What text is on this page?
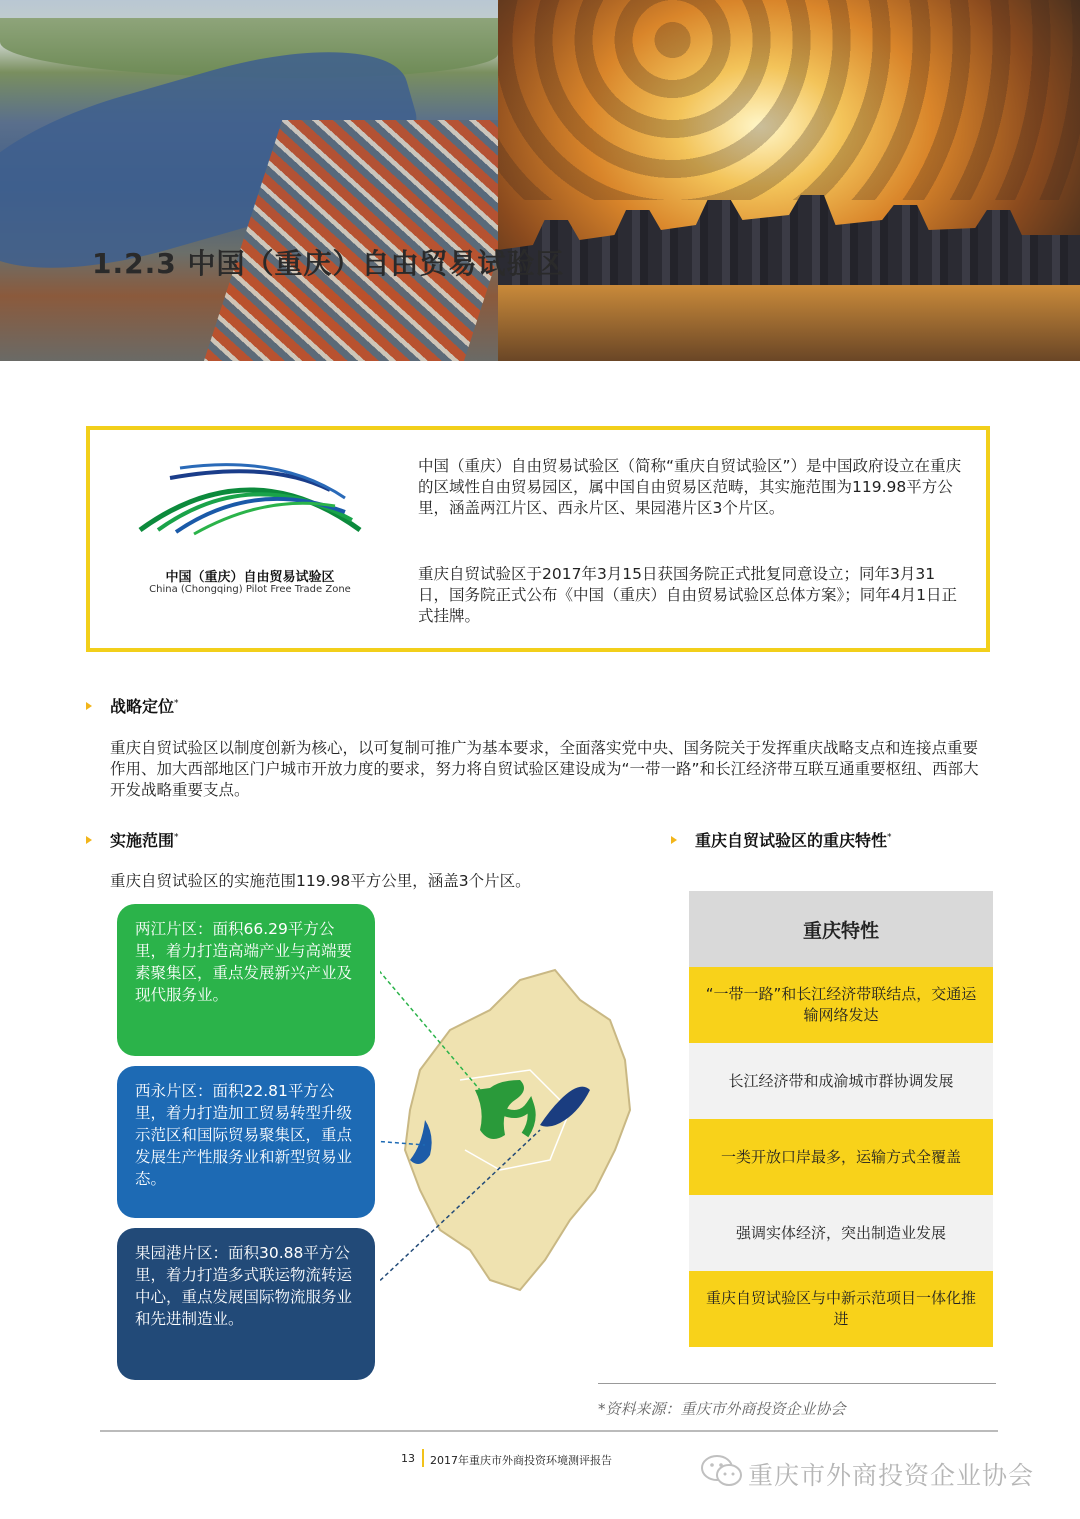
1.2.3 中国（重庆）自由贸易试验区
中国（重庆）自由贸易试验区
China (Chongqing) Pilot Free Trade Zone
中国（重庆）自由贸易试验区（简称“重庆自贸试验区”）是中国政府设立在重庆的区域性自由贸易园区，属中国自由贸易区范畴，其实施范围为119.98平方公里，涵盖两江片区、西永片区、果园港片区3个片区。
重庆自贸试验区于2017年3月15日获国务院正式批复同意设立；同年3月31日，国务院正式公布《中国（重庆）自由贸易试验区总体方案》；同年4月1日正式挂牌。
战略定位*
重庆自贸试验区以制度创新为核心，以可复制可推广为基本要求，全面落实党中央、国务院关于发挥重庆战略支点和连接点重要作用、加大西部地区门户城市开放力度的要求，努力将自贸试验区建设成为“一带一路”和长江经济带互联互通重要枢纽、西部大开发战略重要支点。
实施范围*
重庆自贸试验区的实施范围119.98平方公里，涵盖3个片区。
两江片区：面积66.29平方公里，着力打造高端产业与高端要素聚集区，重点发展新兴产业及现代服务业。
西永片区：面积22.81平方公里，着力打造加工贸易转型升级示范区和国际贸易聚集区，重点发展生产性服务业和新型贸易业态。
果园港片区：面积30.88平方公里，着力打造多式联运物流转运中心，重点发展国际物流服务业和先进制造业。
重庆自贸试验区的重庆特性*
重庆特性
“一带一路”和长江经济带联结点，交通运输网络发达
长江经济带和成渝城市群协调发展
一类开放口岸最多，运输方式全覆盖
强调实体经济，突出制造业发展
重庆自贸试验区与中新示范项目一体化推进
*资料来源：重庆市外商投资企业协会
13 2017年重庆市外商投资环境测评报告
重庆市外商投资企业协会
